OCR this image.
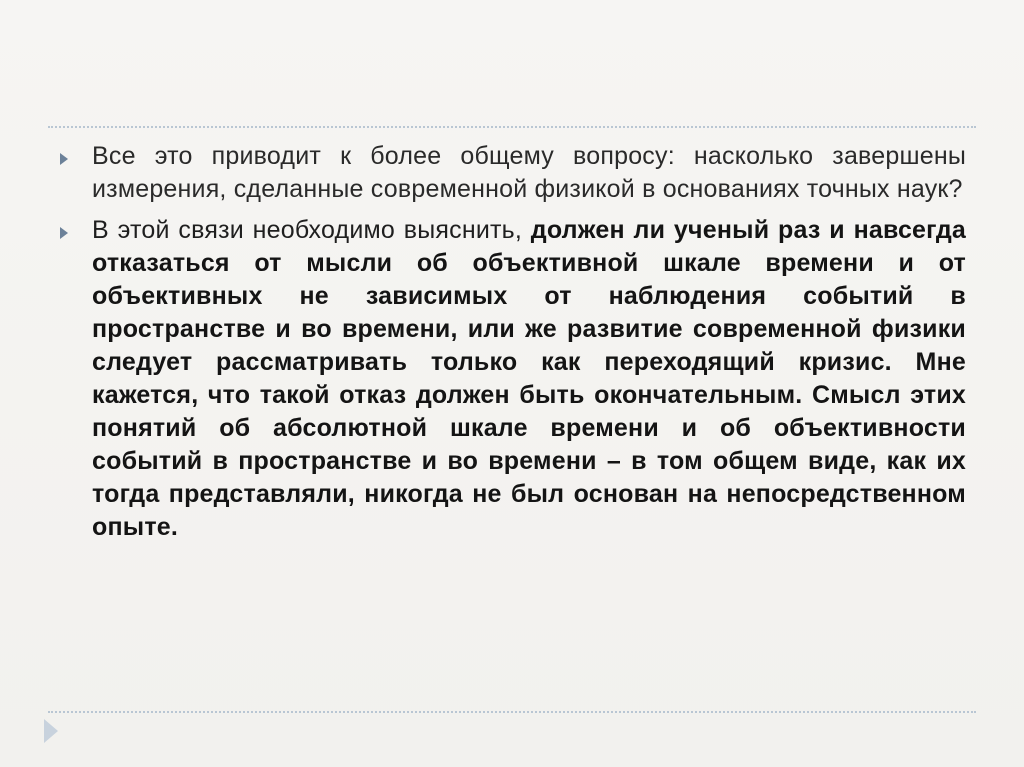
Все это приводит к более общему вопросу: насколько завершены измерения, сделанные современной физикой в основаниях точных наук?

В этой связи необходимо выяснить, должен ли ученый раз и навсегда отказаться от мысли об объективной шкале времени и от объективных не зависимых от наблюдения событий в пространстве и во времени, или же развитие современной физики следует рассматривать только как переходящий кризис. Мне кажется, что такой отказ должен быть окончательным. Смысл этих понятий об абсолютной шкале времени и об объективности событий в пространстве и во времени – в том общем виде, как их тогда представляли, никогда не был основан на непосредственном опыте.
